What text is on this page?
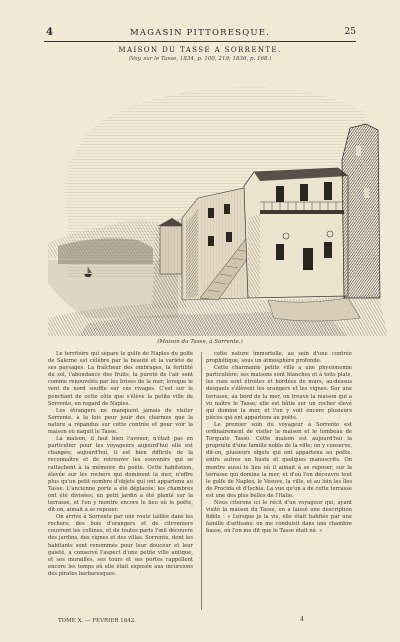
4	MAGASIN PITTORESQUE.	25
MAISON DU TASSE A SORRENTE.
(Voy. sur le Tasse, 1834, p. 100, 219; 1836, p. 168.)
(Maison du Tasse, à Sorrente.)

Le territoire qui sépare le golfe de Naples du golfe de Salerne est célèbre par la beauté et la variété de ses paysages. La fraîcheur des ombrages, la fertilité du sol, l'abondance des fruits, la pureté de l'air sont comme renouvelés par les brises de la mer, lorsque le vent du nord souffle sur ces rivages. C'est sur le penchant de cette côte que s'élève la petite ville de Sorrente, en regard de Naples.

Les étrangers ne manquent jamais de visiter Sorrente, à la fois pour jouir des charmes que la nature a répandus sur cette contrée et pour voir la maison où naquit le Tasse.

La maison, il faut bien l'avouer, n'était pas en particulier pour les voyageurs aujourd'hui elle est changée; aujourd'hui, il est bien difficile de la reconnaître et de retrouver les souvenirs qui se rattachent à la mémoire du poëte. Cette habitation, élevée sur les rochers qui dominent la mer, n'offre plus qu'un petit nombre d'objets qui ont appartenu au Tasse. L'ancienne porte a été déplacée; les chambres ont été divisées; un petit jardin a été planté sur la terrasse, et l'on y montre encore le lieu où le poëte, dit-on, aimait à se reposer.

On arrive à Sorrente par une route taillée dans les rochers; des bois d'orangers et de citronniers couvrent les collines, et de toutes parts l'œil découvre des jardins, des vignes et des villas. Sorrente, dont les habitants sont renommés pour leur douceur et leur gaieté, a conservé l'aspect d'une petite ville antique, et ses murailles, ses tours et ses portes rappellent encore les temps où elle était exposée aux incursions des pirates barbaresques.

cette nature immortelle, au sein d'une contrée prophétique, sous un atmosphère profonde.

Cette charmante petite ville a une physionomie particulière; ses maisons sont blanches et à toits plats, les rues sont étroites et bordées de murs, au-dessus desquels s'élèvent les orangers et les vignes. Sur une terrasse, au bord de la mer, on trouve la maison qui a vu naître le Tasse; elle est bâtie sur un rocher élevé qui domine la mer, et l'on y voit encore plusieurs pièces qui ont appartenu au poëte.

Le premier soin du voyageur à Sorrente est ordinairement de visiter la maison et le tombeau de Torquato Tasso. Cette maison est aujourd'hui la propriété d'une famille noble de la ville; on y conserve, dit-on, plusieurs objets qui ont appartenu au poëte, entre autres un buste et quelques manuscrits. On montre aussi le lieu où il aimait à se reposer, sur la terrasse qui domine la mer, et d'où l'on découvre tout le golfe de Naples, le Vésuve, la ville, et au loin les îles de Procida et d'Ischia. La vue qu'on a de cette terrasse est une des plus belles de l'Italie.

Nous citerons ici le récit d'un voyageur qui, ayant visité la maison du Tasse, en a laissé une description fidèle : « Lorsque je la vis, elle était habitée par une famille d'artisans; on me conduisit dans une chambre basse, où l'on me dit que le Tasse était né. »

TOME X. — FÉVRIER 1842.	4
